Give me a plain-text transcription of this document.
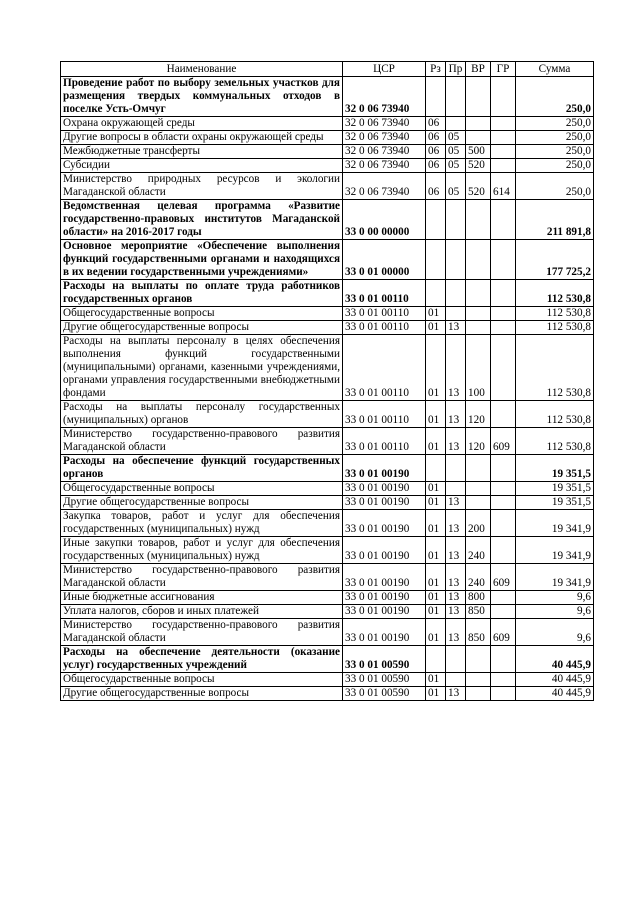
Наименование	ЦСР	Рз	Пр	ВР	ГР	Сумма
Проведение работ по выбору земельных участков для размещения твердых коммунальных отходов в поселке Усть-Омчуг	32 0 06 73940					250,0
Охрана окружающей среды	32 0 06 73940	06				250,0
Другие вопросы в области охраны окружающей среды	32 0 06 73940	06	05			250,0
Межбюджетные трансферты	32 0 06 73940	06	05	500		250,0
Субсидии	32 0 06 73940	06	05	520		250,0
Министерство природных ресурсов и экологии Магаданской области	32 0 06 73940	06	05	520	614	250,0
Ведомственная целевая программа «Развитие государственно-правовых институтов Магаданской области» на 2016-2017 годы	33 0 00 00000					211 891,8
Основное мероприятие «Обеспечение выполнения функций государственными органами и находящихся в их ведении государственными учреждениями»	33 0 01 00000					177 725,2
Расходы на выплаты по оплате труда работников государственных органов	33 0 01 00110					112 530,8
Общегосударственные вопросы	33 0 01 00110	01				112 530,8
Другие общегосударственные вопросы	33 0 01 00110	01	13			112 530,8
Расходы на выплаты персоналу в целях обеспечения выполнения функций государственными (муниципальными) органами, казенными учреждениями, органами управления государственными внебюджетными фондами	33 0 01 00110	01	13	100		112 530,8
Расходы на выплаты персоналу государственных (муниципальных) органов	33 0 01 00110	01	13	120		112 530,8
Министерство государственно-правового развития Магаданской области	33 0 01 00110	01	13	120	609	112 530,8
Расходы на обеспечение функций государственных органов	33 0 01 00190					19 351,5
Общегосударственные вопросы	33 0 01 00190	01				19 351,5
Другие общегосударственные вопросы	33 0 01 00190	01	13			19 351,5
Закупка товаров, работ и услуг для обеспечения государственных (муниципальных) нужд	33 0 01 00190	01	13	200		19 341,9
Иные закупки товаров, работ и услуг для обеспечения государственных (муниципальных) нужд	33 0 01 00190	01	13	240		19 341,9
Министерство государственно-правового развития Магаданской области	33 0 01 00190	01	13	240	609	19 341,9
Иные бюджетные ассигнования	33 0 01 00190	01	13	800		9,6
Уплата налогов, сборов и иных платежей	33 0 01 00190	01	13	850		9,6
Министерство государственно-правового развития Магаданской области	33 0 01 00190	01	13	850	609	9,6
Расходы на обеспечение деятельности (оказание услуг) государственных учреждений	33 0 01 00590					40 445,9
Общегосударственные вопросы	33 0 01 00590	01				40 445,9
Другие общегосударственные вопросы	33 0 01 00590	01	13			40 445,9
